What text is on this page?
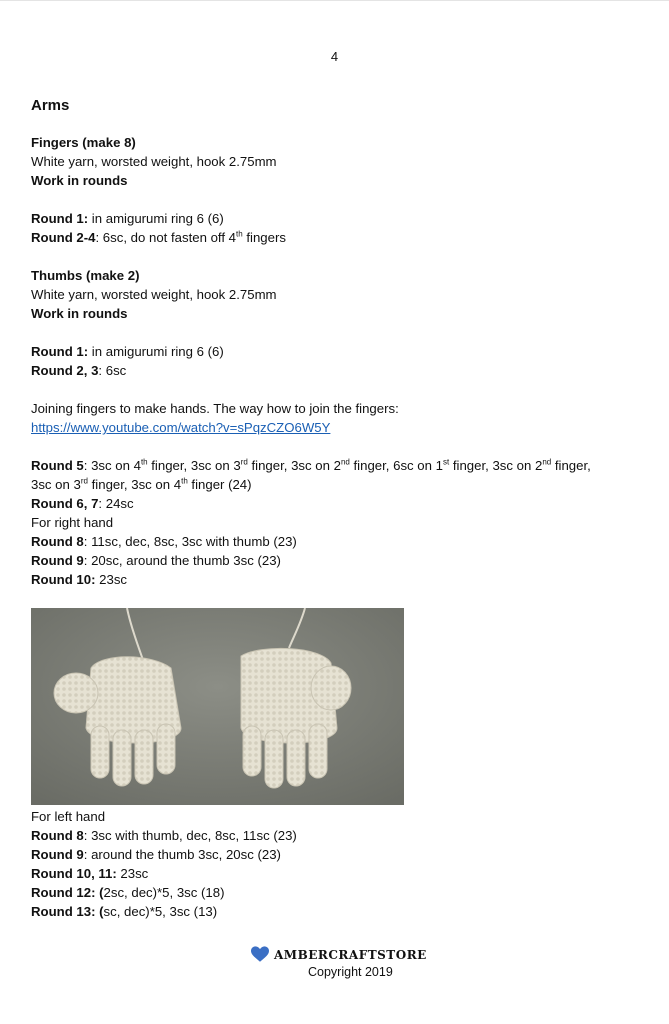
4
Arms
Fingers (make 8)
White yarn, worsted weight, hook 2.75mm
Work in rounds
Round 1: in amigurumi ring 6 (6)
Round 2-4: 6sc, do not fasten off 4th fingers
Thumbs (make 2)
White yarn, worsted weight, hook 2.75mm
Work in rounds
Round 1: in amigurumi ring 6 (6)
Round 2, 3: 6sc
Joining fingers to make hands. The way how to join the fingers:
https://www.youtube.com/watch?v=sPqzCZO6W5Y
Round 5: 3sc on 4th finger, 3sc on 3rd finger, 3sc on 2nd finger, 6sc on 1st finger, 3sc on 2nd finger,
3sc on 3rd finger, 3sc on 4th finger (24)
Round 6, 7: 24sc
For right hand
Round 8: 11sc, dec, 8sc, 3sc with thumb (23)
Round 9: 20sc, around the thumb 3sc (23)
Round 10: 23sc
For left hand
Round 8: 3sc with thumb, dec, 8sc, 11sc (23)
Round 9: around the thumb 3sc, 20sc (23)
Round 10, 11: 23sc
Round 12: (2sc, dec)*5, 3sc (18)
Round 13: (sc, dec)*5, 3sc (13)
AMBERCRAFTSTORE
Copyright 2019
